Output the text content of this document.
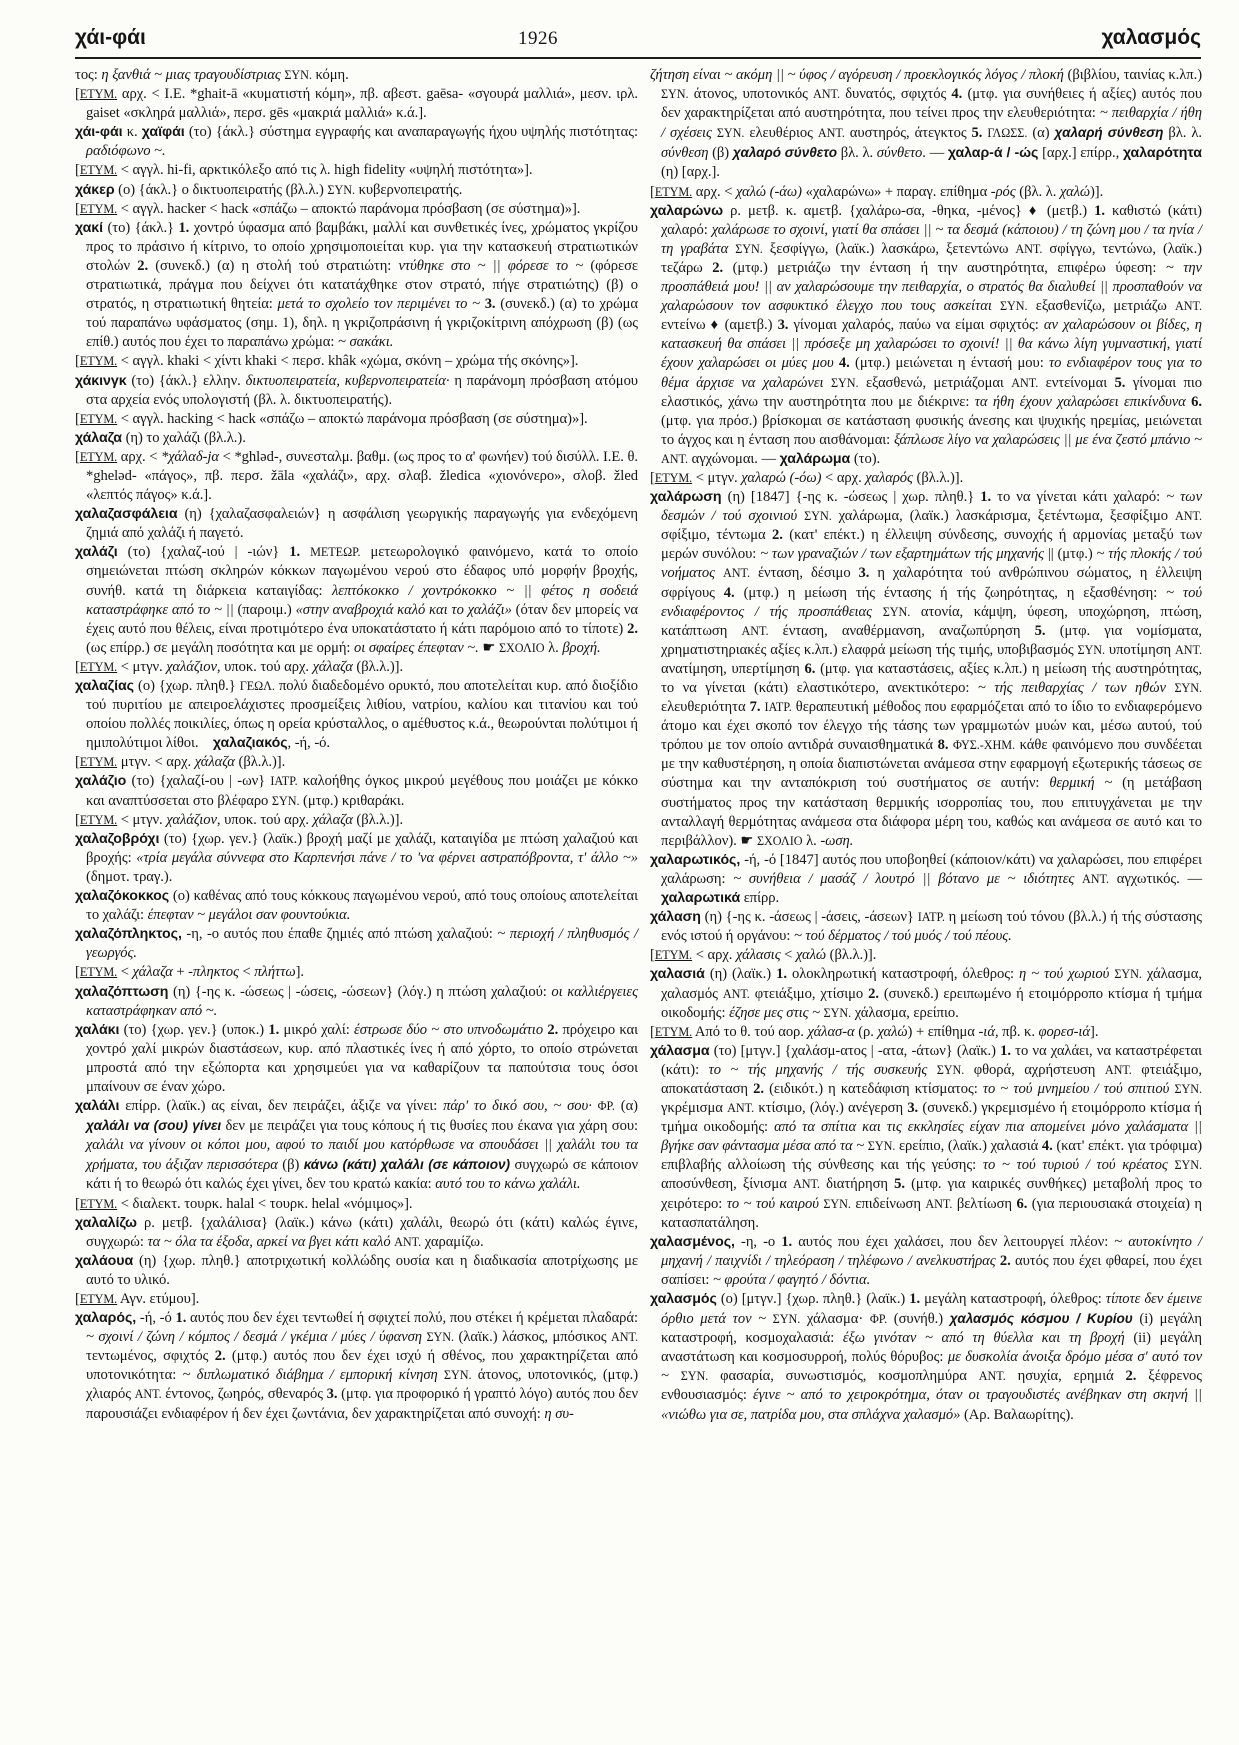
χάι-φάι	1926	χαλασμός

τος: η ξανθιά ~ μιας τραγουδίστριας ΣΥΝ. κόμη.

[ΕΤΥΜ. αρχ. < I.E. *ghait-ā «κυματιστή κόμη», πβ. αβεστ. gaēsa- «σγουρά μαλλιά», μεσν. ιρλ. gaiset «σκληρά μαλλιά», περσ. gēs «μακριά μαλλιά» κ.ά.].

χάι-φάι κ. χαϊφάι (το) {άκλ.} σύστημα εγγραφής και αναπαραγωγής ήχου υψηλής πιστότητας: ραδιόφωνο ~.

[ΕΤΥΜ. < αγγλ. hi-fi, αρκτικόλεξο από τις λ. high fidelity «υψηλή πιστότητα»].

χάκερ (ο) {άκλ.} ο δικτυοπειρατής (βλ.λ.) ΣΥΝ. κυβερνοπειρατής.

[ΕΤΥΜ. < αγγλ. hacker < hack «σπάζω – αποκτώ παράνομα πρόσβαση (σε σύστημα)»].

χακί (το) {άκλ.} 1. χοντρό ύφασμα από βαμβάκι, μαλλί και συνθετικές ίνες, χρώματος γκρίζου προς το πράσινο ή κίτρινο, το οποίο χρησιμοποιείται κυρ. για την κατασκευή στρατιωτικών στολών 2. (συνεκδ.) (α) η στολή τού στρατιώτη: ντύθηκε στο ~ || φόρεσε το ~ (φόρεσε στρατιωτικά, πράγμα που δείχνει ότι κατατάχθηκε στον στρατό, πήγε στρατιώτης) (β) ο στρατός, η στρατιωτική θητεία: μετά το σχολείο τον περιμένει το ~ 3. (συνεκδ.) (α) το χρώμα τού παραπάνω υφάσματος (σημ. 1), δηλ. η γκριζοπράσινη ή γκριζοκίτρινη απόχρωση (β) (ως επίθ.) αυτός που έχει το παραπάνω χρώμα: ~ σακάκι.

[ΕΤΥΜ. < αγγλ. khaki < χίντι khaki < περσ. khâk «χώμα, σκόνη – χρώμα τής σκόνης»].

χάκινγκ (το) {άκλ.} ελλην. δικτυοπειρατεία, κυβερνοπειρατεία· η παράνομη πρόσβαση ατόμου στα αρχεία ενός υπολογιστή (βλ. λ. δικτυοπειρατής).

[ΕΤΥΜ. < αγγλ. hacking < hack «σπάζω – αποκτώ παράνομα πρόσβαση (σε σύστημα)»].

χάλαζα (η) το χαλάζι (βλ.λ.).

[ΕΤΥΜ. αρχ. < *χάλαδ-jα < *ghləd-, συνεσταλμ. βαθμ. (ως προς το α' φωνήεν) τού δισύλλ. I.E. θ. *gheləd- «πάγος», πβ. περσ. žāla «χαλάζι», αρχ. σλαβ. žledica «χιονόνερο», σλοβ. žled «λεπτός πάγος» κ.ά.].

χαλαζασφάλεια (η) {χαλαζασφαλειών} η ασφάλιση γεωργικής παραγωγής για ενδεχόμενη ζημιά από χαλάζι ή παγετό.

χαλάζι (το) {χαλαζ-ιού | -ιών} 1. ΜΕΤΕΩΡ. μετεωρολογικό φαινόμενο, κατά το οποίο σημειώνεται πτώση σκληρών κόκκων παγωμένου νερού στο έδαφος υπό μορφήν βροχής, συνήθ. κατά τη διάρκεια καταιγίδας: λεπτόκοκκο / χοντρόκοκκο ~ || φέτος η σοδειά καταστράφηκε από το ~ || (παροιμ.) «στην αναβροχιά καλό και το χαλάζι» (όταν δεν μπορείς να έχεις αυτό που θέλεις, είναι προτιμότερο ένα υποκατάστατο ή κάτι παρόμοιο από το τίποτε) 2. (ως επίρρ.) σε μεγάλη ποσότητα και με ορμή: οι σφαίρες έπεφταν ~. ☛ ΣΧΟΛΙΟ λ. βροχή.

[ΕΤΥΜ. < μτγν. χαλάζιον, υποκ. τού αρχ. χάλαζα (βλ.λ.)].

χαλαζίας (ο) {χωρ. πληθ.} ΓΕΩΛ. πολύ διαδεδομένο ορυκτό, που αποτελείται κυρ. από διοξίδιο τού πυριτίου με απειροελάχιστες προσμείξεις λιθίου, νατρίου, καλίου και τιτανίου και τού οποίου πολλές ποικιλίες, όπως η ορεία κρύσταλλος, ο αμέθυστος κ.ά., θεωρούνται πολύτιμοι ή ημιπολύτιμοι λίθοι.    χαλαζιακός, -ή, -ό.

[ΕΤΥΜ. μτγν. < αρχ. χάλαζα (βλ.λ.)].

χαλάζιο (το) {χαλαζί-ου | -ων} ΙΑΤΡ. καλοήθης όγκος μικρού μεγέθους που μοιάζει με κόκκο και αναπτύσσεται στο βλέφαρο ΣΥΝ. (μτφ.) κριθαράκι.

[ΕΤΥΜ. < μτγν. χαλάζιον, υποκ. τού αρχ. χάλαζα (βλ.λ.)].

χαλαζοβρόχι (το) {χωρ. γεν.} (λαϊκ.) βροχή μαζί με χαλάζι, καταιγίδα με πτώση χαλαζιού και βροχής: «τρία μεγάλα σύννεφα στο Καρπενήσι πάνε / το 'να φέρνει αστραπόβροντα, τ' άλλο ~» (δημοτ. τραγ.).

χαλαζόκοκκος (ο) καθένας από τους κόκκους παγωμένου νερού, από τους οποίους αποτελείται το χαλάζι: έπεφταν ~ μεγάλοι σαν φουντούκια.

χαλαζόπληκτος, -η, -ο αυτός που έπαθε ζημιές από πτώση χαλαζιού: ~ περιοχή / πληθυσμός / γεωργός.

[ΕΤΥΜ. < χάλαζα + -πληκτος < πλήττω].

χαλαζόπτωση (η) {-ης κ. -ώσεως | -ώσεις, -ώσεων} (λόγ.) η πτώση χαλαζιού: οι καλλιέργειες καταστράφηκαν από ~.

χαλάκι (το) {χωρ. γεν.} (υποκ.) 1. μικρό χαλί: έστρωσε δύο ~ στο υπνοδωμάτιο 2. πρόχειρο και χοντρό χαλί μικρών διαστάσεων, κυρ. από πλαστικές ίνες ή από χόρτο, το οποίο στρώνεται μπροστά από την εξώπορτα και χρησιμεύει για να καθαρίζουν τα παπούτσια τους όσοι μπαίνουν σε έναν χώρο.

χαλάλι επίρρ. (λαϊκ.) ας είναι, δεν πειράζει, άξιζε να γίνει: πάρ' το δικό σου, ~ σου· ΦΡ. (α) χαλάλι να (σου) γίνει δεν με πειράζει για τους κόπους ή τις θυσίες που έκανα για χάρη σου: χαλάλι να γίνουν οι κόποι μου, αφού το παιδί μου κατόρθωσε να σπουδάσει || χαλάλι του τα χρήματα, του άξιζαν περισσότερα (β) κάνω (κάτι) χαλάλι (σε κάποιον) συγχωρώ σε κάποιον κάτι ή το θεωρώ ότι καλώς έχει γίνει, δεν του κρατώ κακία: αυτό του το κάνω χαλάλι.

[ΕΤΥΜ. < διαλεκτ. τουρκ. halal < τουρκ. helal «νόμιμος»].

χαλαλίζω ρ. μετβ. {χαλάλισα} (λαϊκ.) κάνω (κάτι) χαλάλι, θεωρώ ότι (κάτι) καλώς έγινε, συγχωρώ: τα ~ όλα τα έξοδα, αρκεί να βγει κάτι καλό ΑΝΤ. χαραμίζω.

χαλάουα (η) {χωρ. πληθ.} αποτριχωτική κολλώδης ουσία και η διαδικασία αποτρίχωσης με αυτό το υλικό.

[ΕΤΥΜ. Αγν. ετύμου].

χαλαρός, -ή, -ό 1. αυτός που δεν έχει τεντωθεί ή σφιχτεί πολύ, που στέκει ή κρέμεται πλαδαρά: ~ σχοινί / ζώνη / κόμπος / δεσμά / γκέμια / μύες / ύφανση ΣΥΝ. (λαϊκ.) λάσκος, μπόσικος ΑΝΤ. τεντωμένος, σφιχτός 2. (μτφ.) αυτός που δεν έχει ισχύ ή σθένος, που χαρακτηρίζεται από υποτονικότητα: ~ διπλωματικό διάβημα / εμπορική κίνηση ΣΥΝ. άτονος, υποτονικός, (μτφ.) χλιαρός ΑΝΤ. έντονος, ζωηρός, σθεναρός 3. (μτφ. για προφορικό ή γραπτό λόγο) αυτός που δεν παρουσιάζει ενδιαφέρον ή δεν έχει ζωντάνια, δεν χαρακτηρίζεται από συνοχή: η συ-

ζήτηση είναι ~ ακόμη || ~ ύφος / αγόρευση / προεκλογικός λόγος / πλοκή (βιβλίου, ταινίας κ.λπ.) ΣΥΝ. άτονος, υποτονικός ΑΝΤ. δυνατός, σφιχτός 4. (μτφ. για συνήθειες ή αξίες) αυτός που δεν χαρακτηρίζεται από αυστηρότητα, που τείνει προς την ελευθεριότητα: ~ πειθαρχία / ήθη / σχέσεις ΣΥΝ. ελευθέριος ΑΝΤ. αυστηρός, άτεγκτος 5. ΓΛΩΣΣ. (α) χαλαρή σύνθεση βλ. λ. σύνθεση (β) χαλαρό σύνθετο βλ. λ. σύνθετο. — χαλαρ-ά / -ώς [αρχ.] επίρρ., χαλαρότητα (η) [αρχ.].

[ΕΤΥΜ. αρχ. < χαλώ (-άω) «χαλαρώνω» + παραγ. επίθημα -ρός (βλ. λ. χαλώ)].

χαλαρώνω ρ. μετβ. κ. αμετβ. {χαλάρω-σα, -θηκα, -μένος} ♦ (μετβ.) 1. καθιστώ (κάτι) χαλαρό: χαλάρωσε το σχοινί, γιατί θα σπάσει || ~ τα δεσμά (κάποιου) / τη ζώνη μου / τα ηνία / τη γραβάτα ΣΥΝ. ξεσφίγγω, (λαϊκ.) λασκάρω, ξετεντώνω ΑΝΤ. σφίγγω, τεντώνω, (λαϊκ.) τεζάρω 2. (μτφ.) μετριάζω την ένταση ή την αυστηρότητα, επιφέρω ύφεση: ~ την προσπάθειά μου! || αν χαλαρώσουμε την πειθαρχία, ο στρατός θα διαλυθεί || προσπαθούν να χαλαρώσουν τον ασφυκτικό έλεγχο που τους ασκείται ΣΥΝ. εξασθενίζω, μετριάζω ΑΝΤ. εντείνω ♦ (αμετβ.) 3. γίνομαι χαλαρός, παύω να είμαι σφιχτός: αν χαλαρώσουν οι βίδες, η κατασκευή θα σπάσει || πρόσεξε μη χαλαρώσει το σχοινί! || θα κάνω λίγη γυμναστική, γιατί έχουν χαλαρώσει οι μύες μου 4. (μτφ.) μειώνεται η έντασή μου: το ενδιαφέρον τους για το θέμα άρχισε να χαλαρώνει ΣΥΝ. εξασθενώ, μετριάζομαι ΑΝΤ. εντείνομαι 5. γίνομαι πιο ελαστικός, χάνω την αυστηρότητα που με διέκρινε: τα ήθη έχουν χαλαρώσει επικίνδυνα 6. (μτφ. για πρόσ.) βρίσκομαι σε κατάσταση φυσικής άνεσης και ψυχικής ηρεμίας, μειώνεται το άγχος και η ένταση που αισθάνομαι: ξάπλωσε λίγο να χαλαρώσεις || με ένα ζεστό μπάνιο ~ ΑΝΤ. αγχώνομαι. — χαλάρωμα (το).

[ΕΤΥΜ. < μτγν. χαλαρώ (-όω) < αρχ. χαλαρός (βλ.λ.)].

χαλάρωση (η) [1847] {-ης κ. -ώσεως | χωρ. πληθ.} 1. το να γίνεται κάτι χαλαρό: ~ των δεσμών / τού σχοινιού ΣΥΝ. χαλάρωμα, (λαϊκ.) λασκάρισμα, ξετέντωμα, ξεσφίξιμο ΑΝΤ. σφίξιμο, τέντωμα 2. (κατ' επέκτ.) η έλλειψη σύνδεσης, συνοχής ή αρμονίας μεταξύ των μερών συνόλου: ~ των γραναζιών / των εξαρτημάτων τής μηχανής || (μτφ.) ~ τής πλοκής / τού νοήματος ΑΝΤ. ένταση, δέσιμο 3. η χαλαρότητα τού ανθρώπινου σώματος, η έλλειψη σφρίγους 4. (μτφ.) η μείωση τής έντασης ή τής ζωηρότητας, η εξασθένηση: ~ τού ενδιαφέροντος / τής προσπάθειας ΣΥΝ. ατονία, κάμψη, ύφεση, υποχώρηση, πτώση, κατάπτωση ΑΝΤ. ένταση, αναθέρμανση, αναζωπύρηση 5. (μτφ. για νομίσματα, χρηματιστηριακές αξίες κ.λπ.) ελαφρά μείωση τής τιμής, υποβιβασμός ΣΥΝ. υποτίμηση ΑΝΤ. ανατίμηση, υπερτίμηση 6. (μτφ. για καταστάσεις, αξίες κ.λπ.) η μείωση τής αυστηρότητας, το να γίνεται (κάτι) ελαστικότερο, ανεκτικότερο: ~ τής πειθαρχίας / των ηθών ΣΥΝ. ελευθεριότητα 7. ΙΑΤΡ. θεραπευτική μέθοδος που εφαρμόζεται από το ίδιο το ενδιαφερόμενο άτομο και έχει σκοπό τον έλεγχο τής τάσης των γραμμωτών μυών και, μέσω αυτού, τού τρόπου με τον οποίο αντιδρά συναισθηματικά 8. ΦΥΣ.-ΧΗΜ. κάθε φαινόμενο που συνδέεται με την καθυστέρηση, η οποία διαπιστώνεται ανάμεσα στην εφαρμογή εξωτερικής τάσεως σε σύστημα και την ανταπόκριση τού συστήματος σε αυτήν: θερμική ~ (η μετάβαση συστήματος προς την κατάσταση θερμικής ισορροπίας του, που επιτυγχάνεται με την ανταλλαγή θερμότητας ανάμεσα στα διάφορα μέρη του, καθώς και ανάμεσα σε αυτό και το περιβάλλον). ☛ ΣΧΟΛΙΟ λ. -ωση.

χαλαρωτικός, -ή, -ό [1847] αυτός που υποβοηθεί (κάποιον/κάτι) να χαλαρώσει, που επιφέρει χαλάρωση: ~ συνήθεια / μασάζ / λουτρό || βότανο με ~ ιδιότητες ΑΝΤ. αγχωτικός. — χαλαρωτικά επίρρ.

χάλαση (η) {-ης κ. -άσεως | -άσεις, -άσεων} ΙΑΤΡ. η μείωση τού τόνου (βλ.λ.) ή τής σύστασης ενός ιστού ή οργάνου: ~ τού δέρματος / τού μυός / τού πέους.

[ΕΤΥΜ. < αρχ. χάλασις < χαλώ (βλ.λ.)].

χαλασιά (η) (λαϊκ.) 1. ολοκληρωτική καταστροφή, όλεθρος: η ~ τού χωριού ΣΥΝ. χάλασμα, χαλασμός ΑΝΤ. φτειάξιμο, χτίσιμο 2. (συνεκδ.) ερειπωμένο ή ετοιμόρροπο κτίσμα ή τμήμα οικοδομής: έζησε μες στις ~ ΣΥΝ. χάλασμα, ερείπιο.

[ΕΤΥΜ. Από το θ. τού αορ. χάλασ-α (ρ. χαλώ) + επίθημα -ιά, πβ. κ. φορεσ-ιά].

χάλασμα (το) [μτγν.] {χαλάσμ-ατος | -ατα, -άτων} (λαϊκ.) 1. το να χαλάει, να καταστρέφεται (κάτι): το ~ τής μηχανής / τής συσκευής ΣΥΝ. φθορά, αχρήστευση ΑΝΤ. φτειάξιμο, αποκατάσταση 2. (ειδικότ.) η κατεδάφιση κτίσματος: το ~ τού μνημείου / τού σπιτιού ΣΥΝ. γκρέμισμα ΑΝΤ. κτίσιμο, (λόγ.) ανέγερση 3. (συνεκδ.) γκρεμισμένο ή ετοιμόρροπο κτίσμα ή τμήμα οικοδομής: από τα σπίτια και τις εκκλησίες είχαν πια απομείνει μόνο χαλάσματα || βγήκε σαν φάντασμα μέσα από τα ~ ΣΥΝ. ερείπιο, (λαϊκ.) χαλασιά 4. (κατ' επέκτ. για τρόφιμα) επιβλαβής αλλοίωση τής σύνθεσης και τής γεύσης: το ~ τού τυριού / τού κρέατος ΣΥΝ. αποσύνθεση, ξίνισμα ΑΝΤ. διατήρηση 5. (μτφ. για καιρικές συνθήκες) μεταβολή προς το χειρότερο: το ~ τού καιρού ΣΥΝ. επιδείνωση ΑΝΤ. βελτίωση 6. (για περιουσιακά στοιχεία) η κατασπατάληση.

χαλασμένος, -η, -ο 1. αυτός που έχει χαλάσει, που δεν λειτουργεί πλέον: ~ αυτοκίνητο / μηχανή / παιχνίδι / τηλεόραση / τηλέφωνο / ανελκυστήρας 2. αυτός που έχει φθαρεί, που έχει σαπίσει: ~ φρούτα / φαγητό / δόντια.

χαλασμός (ο) [μτγν.] {χωρ. πληθ.} (λαϊκ.) 1. μεγάλη καταστροφή, όλεθρος: τίποτε δεν έμεινε όρθιο μετά τον ~ ΣΥΝ. χάλασμα· ΦΡ. (συνήθ.) χαλασμός κόσμου / Κυρίου (i) μεγάλη καταστροφή, κοσμοχαλασιά: έξω γινόταν ~ από τη θύελλα και τη βροχή (ii) μεγάλη αναστάτωση και κοσμοσυρροή, πολύς θόρυβος: με δυσκολία άνοιξα δρόμο μέσα σ' αυτό τον ~ ΣΥΝ. φασαρία, συνωστισμός, κοσμοπλημύρα ΑΝΤ. ησυχία, ερημιά 2. ξέφρενος ενθουσιασμός: έγινε ~ από το χειροκρότημα, όταν οι τραγουδιστές ανέβηκαν στη σκηνή || «νιώθω για σε, πατρίδα μου, στα σπλάχνα χαλασμό» (Αρ. Βαλαωρίτης).
